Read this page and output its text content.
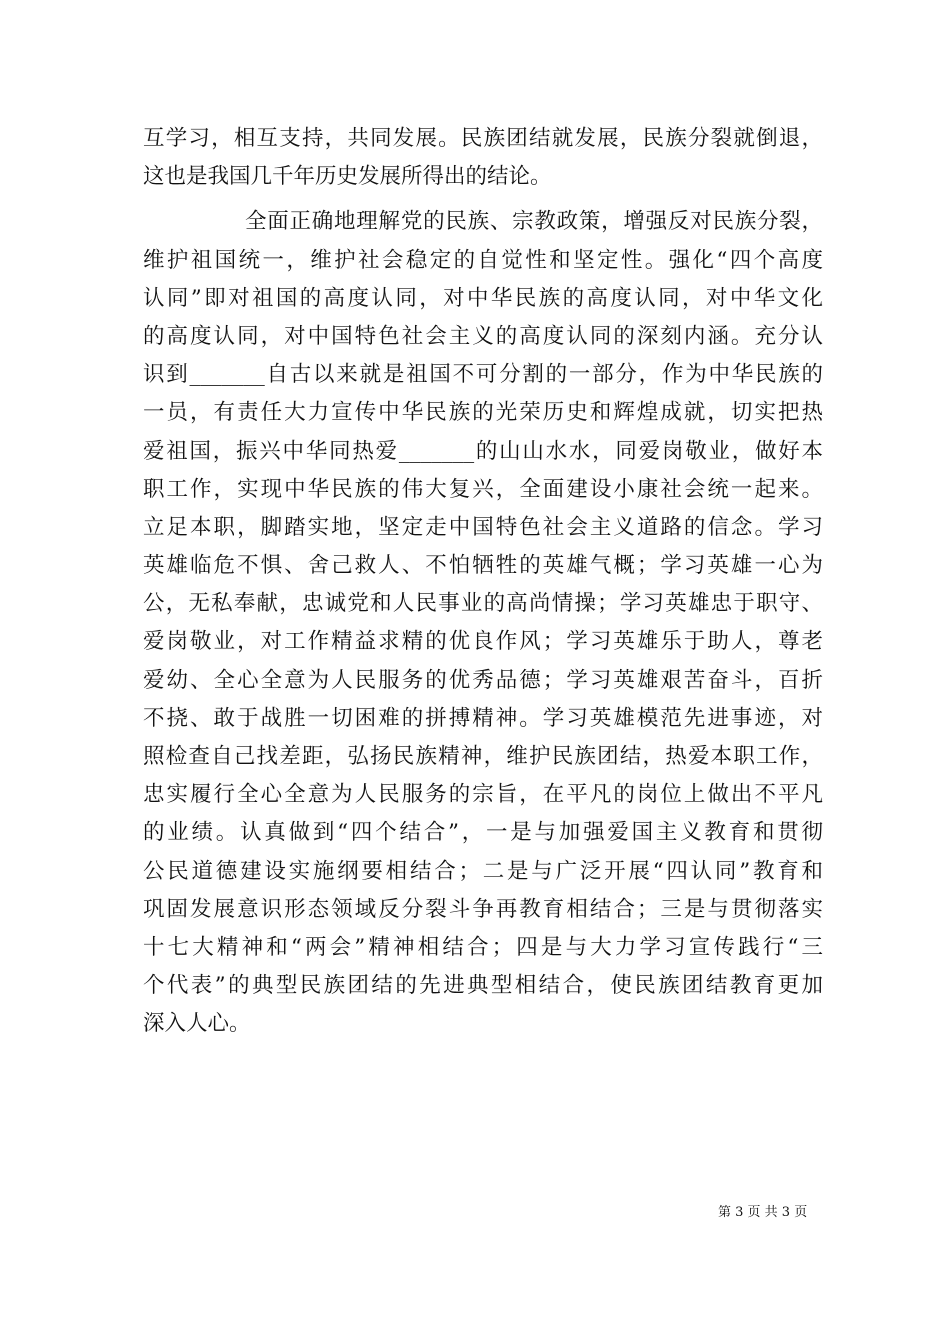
互学习，相互支持，共同发展。民族团结就发展，民族分裂就倒退，
这也是我国几千年历史发展所得出的结论。
全面正确地理解党的民族、宗教政策，增强反对民族分裂，
维护祖国统一，维护社会稳定的自觉性和坚定性。强化“四个高度
认同”即对祖国的高度认同，对中华民族的高度认同，对中华文化
的高度认同，对中国特色社会主义的高度认同的深刻内涵。充分认
识到_______自古以来就是祖国不可分割的一部分，作为中华民族的
一员，有责任大力宣传中华民族的光荣历史和辉煌成就，切实把热
爱祖国，振兴中华同热爱_______的山山水水，同爱岗敬业，做好本
职工作，实现中华民族的伟大复兴，全面建设小康社会统一起来。
立足本职，脚踏实地，坚定走中国特色社会主义道路的信念。学习
英雄临危不惧、舍己救人、不怕牺牲的英雄气概；学习英雄一心为
公，无私奉献，忠诚党和人民事业的高尚情操；学习英雄忠于职守、
爱岗敬业，对工作精益求精的优良作风；学习英雄乐于助人，尊老
爱幼、全心全意为人民服务的优秀品德；学习英雄艰苦奋斗，百折
不挠、敢于战胜一切困难的拼搏精神。学习英雄模范先进事迹，对
照检查自己找差距，弘扬民族精神，维护民族团结，热爱本职工作，
忠实履行全心全意为人民服务的宗旨，在平凡的岗位上做出不平凡
的业绩。认真做到“四个结合”，一是与加强爱国主义教育和贯彻
公民道德建设实施纲要相结合；二是与广泛开展“四认同”教育和
巩固发展意识形态领域反分裂斗争再教育相结合；三是与贯彻落实
十七大精神和“两会”精神相结合；四是与大力学习宣传践行“三
个代表”的典型民族团结的先进典型相结合，使民族团结教育更加
深入人心。
第 3 页 共 3 页
